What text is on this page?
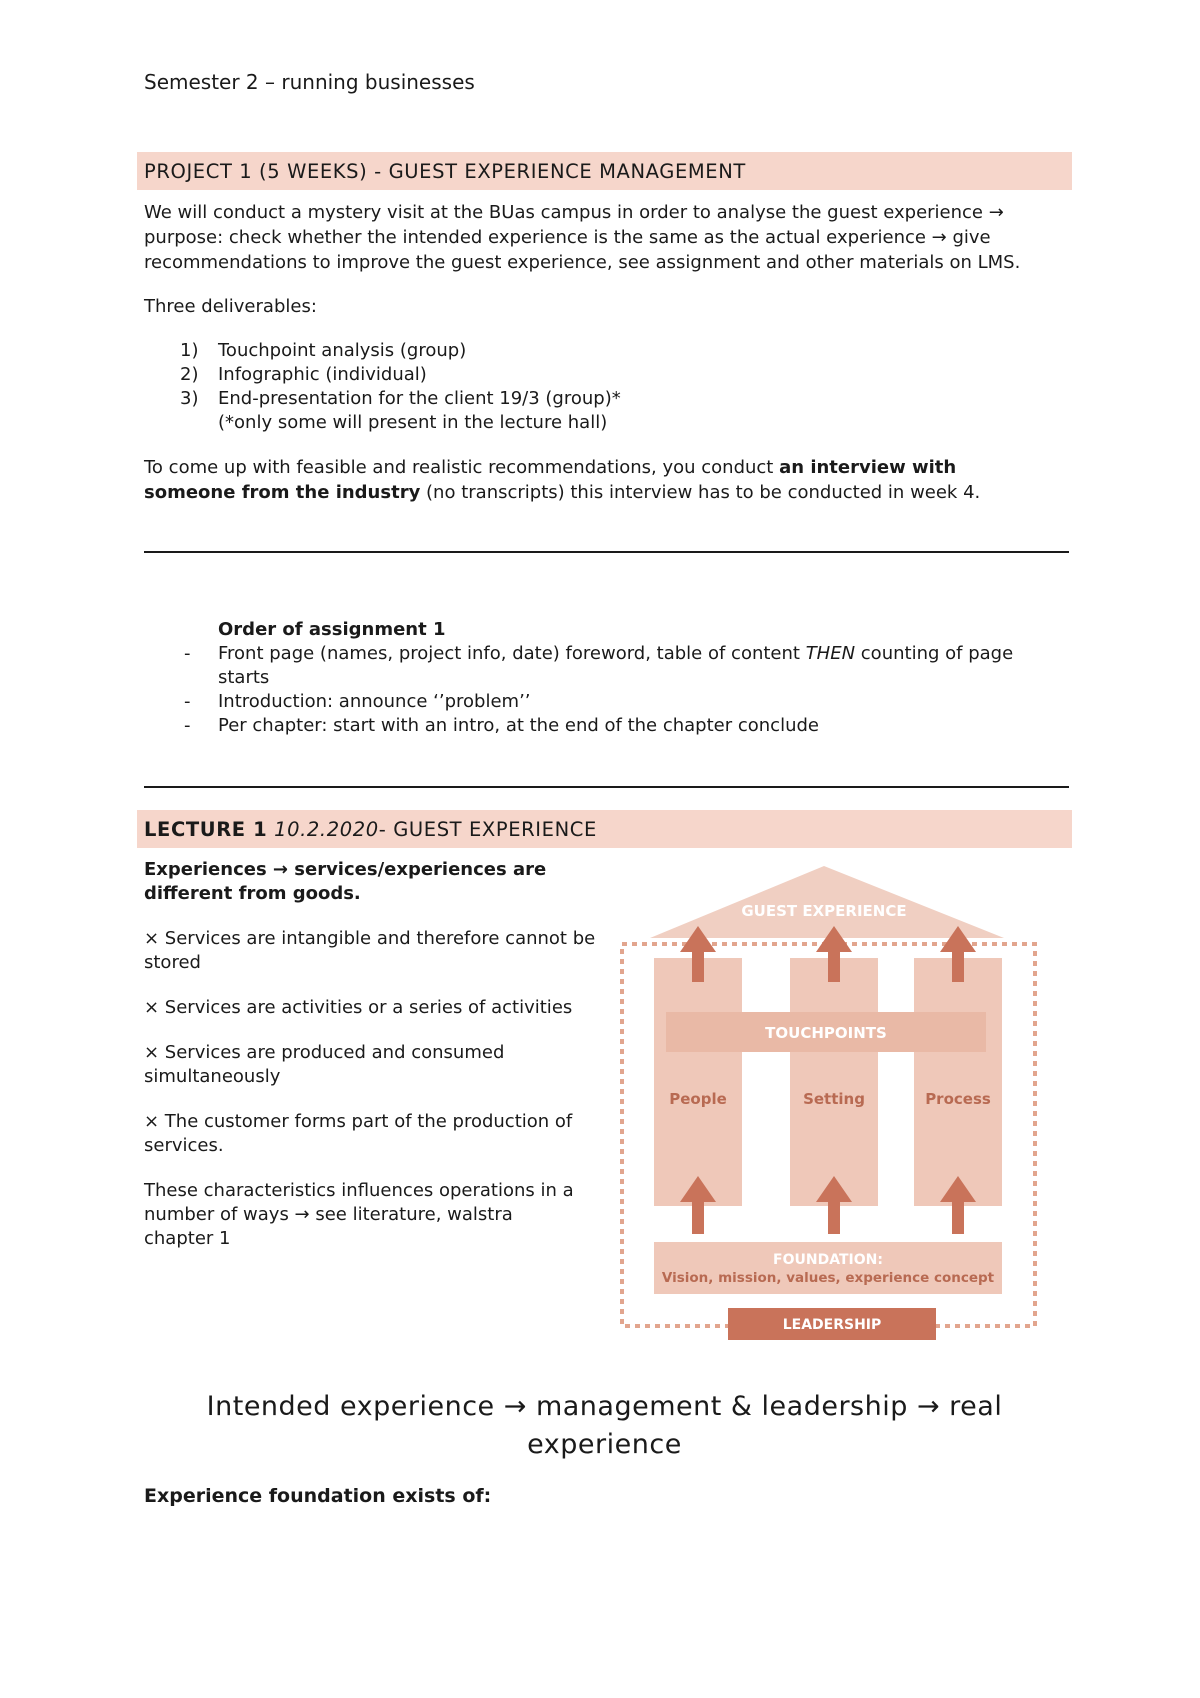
Semester 2 – running businesses
PROJECT 1 (5 WEEKS) - GUEST EXPERIENCE MANAGEMENT
We will conduct a mystery visit at the BUas campus in order to analyse the guest experience →
purpose: check whether the intended experience is the same as the actual experience → give
recommendations to improve the guest experience, see assignment and other materials on LMS.
Three deliverables:
1) Touchpoint analysis (group)
2) Infographic (individual)
3) End-presentation for the client 19/3 (group)*
(*only some will present in the lecture hall)
To come up with feasible and realistic recommendations, you conduct an interview with
someone from the industry (no transcripts) this interview has to be conducted in week 4.
Order of assignment 1
- Front page (names, project info, date) foreword, table of content THEN counting of page
starts
- Introduction: announce ‘’problem’’
- Per chapter: start with an intro, at the end of the chapter conclude
LECTURE 1
10.2.2020 - GUEST EXPERIENCE

Experiences → services/experiences are
different from goods.

× Services are intangible and therefore cannot be
stored

× Services are activities or a series of activities

× Services are produced and consumed
simultaneously

× The customer forms part of the production of
services.

These characteristics influences operations in a
number of ways → see literature, walstra
chapter 1

GUEST EXPERIENCE
TOUCHPOINTS
People	Setting	Process
FOUNDATION:
Vision, mission, values, experience concept
LEADERSHIP
Intended experience → management & leadership → real
experience
Experience foundation exists of:
